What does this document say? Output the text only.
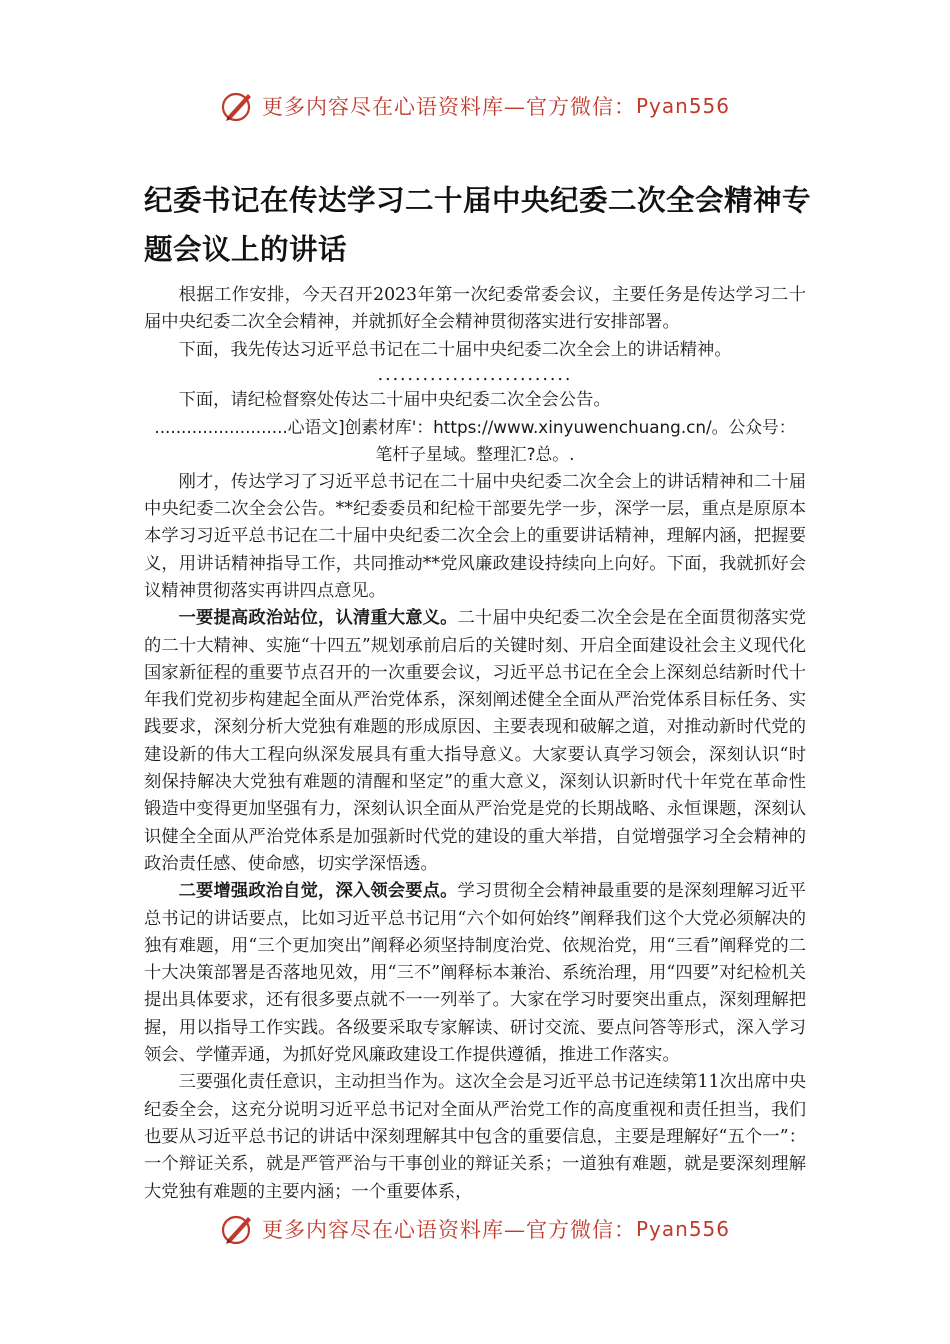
更多内容尽在心语资料库—官方微信： Pyan556
纪委书记在传达学习二十届中央纪委二次全会精神专题会议上的讲话

根据工作安排，今天召开2023年第一次纪委常委会议，主要任务是传达学习二十届中央纪委二次全会精神，并就抓好全会精神贯彻落实进行安排部署。

下面，我先传达习近平总书记在二十届中央纪委二次全会上的讲话精神。

..........................

下面，请纪检督察处传达二十届中央纪委二次全会公告。

.........................心语文]创素材库'：https://www.xinyuwenchuang.cn/。公众号：笔杆子星域。整理汇?总。.

刚才，传达学习了习近平总书记在二十届中央纪委二次全会上的讲话精神和二十届中央纪委二次全会公告。**纪委委员和纪检干部要先学一步，深学一层，重点是原原本本学习习近平总书记在二十届中央纪委二次全会上的重要讲话精神，理解内涵，把握要义，用讲话精神指导工作，共同推动**党风廉政建设持续向上向好。下面，我就抓好会议精神贯彻落实再讲四点意见。

一要提高政治站位，认清重大意义。二十届中央纪委二次全会是在全面贯彻落实党的二十大精神、实施“十四五”规划承前启后的关键时刻、开启全面建设社会主义现代化国家新征程的重要节点召开的一次重要会议，习近平总书记在全会上深刻总结新时代十年我们党初步构建起全面从严治党体系，深刻阐述健全全面从严治党体系目标任务、实践要求，深刻分析大党独有难题的形成原因、主要表现和破解之道，对推动新时代党的建设新的伟大工程向纵深发展具有重大指导意义。大家要认真学习领会，深刻认识“时刻保持解决大党独有难题的清醒和坚定”的重大意义，深刻认识新时代十年党在革命性锻造中变得更加坚强有力，深刻认识全面从严治党是党的长期战略、永恒课题，深刻认识健全全面从严治党体系是加强新时代党的建设的重大举措，自觉增强学习全会精神的政治责任感、使命感，切实学深悟透。

二要增强政治自觉，深入领会要点。学习贯彻全会精神最重要的是深刻理解习近平总书记的讲话要点，比如习近平总书记用“六个如何始终”阐释我们这个大党必须解决的独有难题，用“三个更加突出”阐释必须坚持制度治党、依规治党，用“三看”阐释党的二十大决策部署是否落地见效，用“三不”阐释标本兼治、系统治理，用“四要”对纪检机关提出具体要求，还有很多要点就不一一列举了。大家在学习时要突出重点，深刻理解把握，用以指导工作实践。各级要采取专家解读、研讨交流、要点问答等形式，深入学习领会、学懂弄通，为抓好党风廉政建设工作提供遵循，推进工作落实。

三要强化责任意识，主动担当作为。这次全会是习近平总书记连续第11次出席中央纪委全会，这充分说明习近平总书记对全面从严治党工作的高度重视和责任担当，我们也要从习近平总书记的讲话中深刻理解其中包含的重要信息，主要是理解好“五个一”：一个辩证关系，就是严管严治与干事创业的辩证关系；一道独有难题，就是要深刻理解大党独有难题的主要内涵；一个重要体系，

更多内容尽在心语资料库—官方微信： Pyan556
